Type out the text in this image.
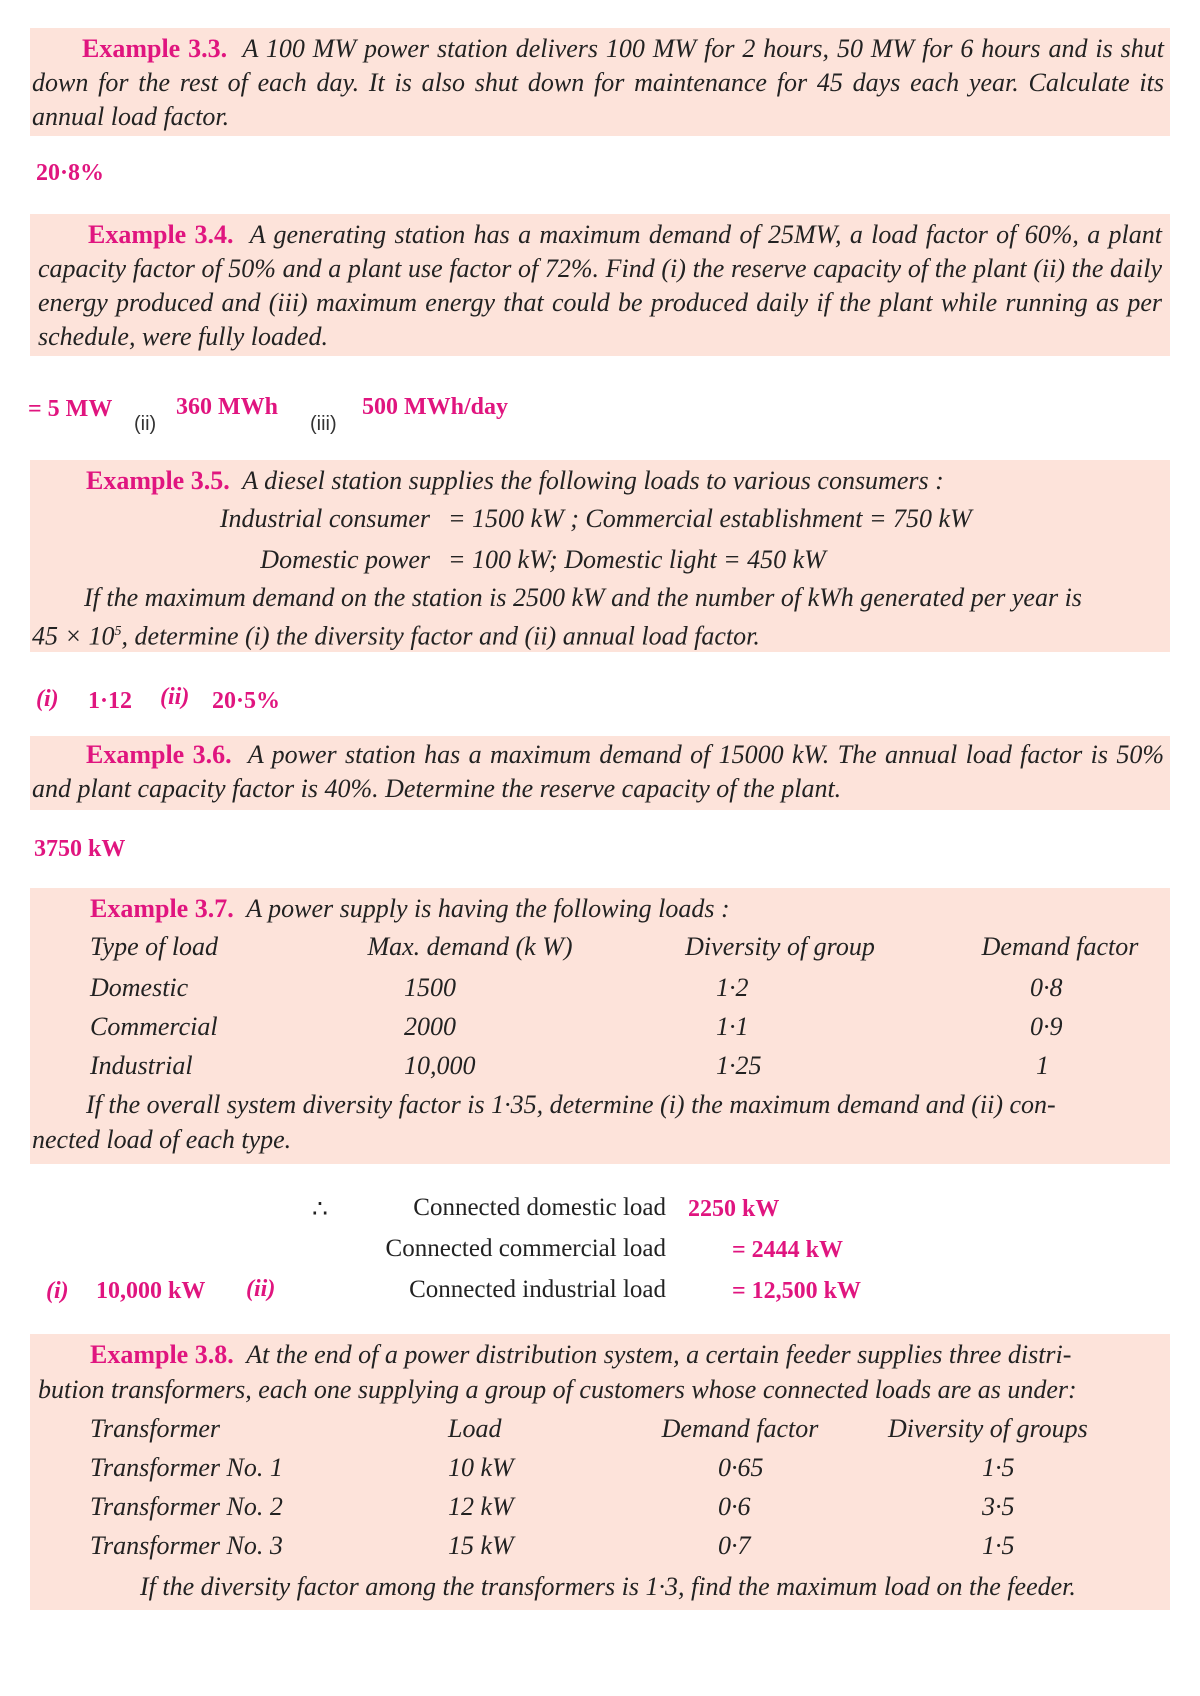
Example 3.3. A 100 MW power station delivers 100 MW for 2 hours, 50 MW for 6 hours and is shut down for the rest of each day. It is also shut down for maintenance for 45 days each year. Calculate its annual load factor.

20·8%

Example 3.4. A generating station has a maximum demand of 25MW, a load factor of 60%, a plant capacity factor of 50% and a plant use factor of 72%. Find (i) the reserve capacity of the plant (ii) the daily energy produced and (iii) maximum energy that could be produced daily if the plant while running as per schedule, were fully loaded.

= 5 MW
(ii)
360 MWh
(iii)
500 MWh/day

Example 3.5. A diesel station supplies the following loads to various consumers :

Industrial consumer = 1500 kW ; Commercial establishment = 750 kW
Domestic power = 100 kW; Domestic light = 450 kW
If the maximum demand on the station is 2500 kW and the number of kWh generated per year is
$45 \times 10^5$, determine (i) the diversity factor and (ii) annual load factor.
(i) 1·12 (ii) 20·5%

Example 3.6. A power station has a maximum demand of 15000 kW. The annual load factor is 50% and plant capacity factor is 40%. Determine the reserve capacity of the plant.

3750 kW
Example 3.7. A power supply is having the following loads :
Type of load	Max. demand (k W)	Diversity of group	Demand factor
Domestic	1500	1·2	0·8
Commercial	2000	1·1	0·9
Industrial	10,000	1·25	1
If the overall system diversity factor is 1·35, determine (i) the maximum demand and (ii) con-
nected load of each type.
∴	Connected domestic load 2250 kW
Connected commercial load	= 2444 kW
(i) 10,000 kW (ii)	Connected industrial load	= 12,500 kW
Example 3.8. At the end of a power distribution system, a certain feeder supplies three distri-
bution transformers, each one supplying a group of customers whose connected loads are as under:
Transformer	Load	Demand factor	Diversity of groups
Transformer No. 1	10 kW	0·65	1·5
Transformer No. 2	12 kW	0·6	3·5
Transformer No. 3	15 kW	0·7	1·5
If the diversity factor among the transformers is 1·3, find the maximum load on the feeder.
